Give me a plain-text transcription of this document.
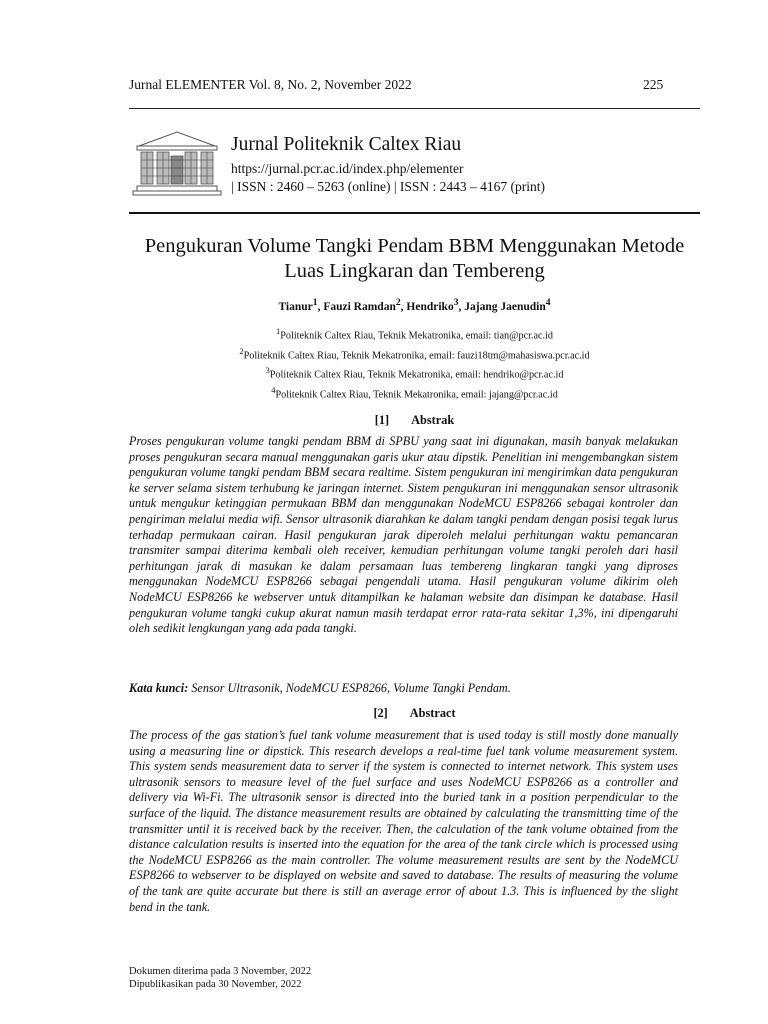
Jurnal ELEMENTER Vol. 8, No. 2, November 2022	225
Jurnal Politeknik Caltex Riau
https://jurnal.pcr.ac.id/index.php/elementer
| ISSN : 2460 – 5263 (online) | ISSN : 2443 – 4167 (print)
Pengukuran Volume Tangki Pendam BBM Menggunakan Metode Luas Lingkaran dan Tembereng
Tianur$^1$, Fauzi Ramdan$^2$, Hendriko$^3$, Jajang Jaenudin$^4$
$^1$Politeknik Caltex Riau, Teknik Mekatronika, email: tian@pcr.ac.id
$^2$Politeknik Caltex Riau, Teknik Mekatronika, email: fauzi18tm@mahasiswa.pcr.ac.id
$^3$Politeknik Caltex Riau, Teknik Mekatronika, email: hendriko@pcr.ac.id
$^4$Politeknik Caltex Riau, Teknik Mekatronika, email: jajang@pcr.ac.id
[1] Abstrak
Proses pengukuran volume tangki pendam BBM di SPBU yang saat ini digunakan, masih banyak melakukan proses pengukuran secara manual menggunakan garis ukur atau dipstik. Penelitian ini mengembangkan sistem pengukuran volume tangki pendam BBM secara realtime. Sistem pengukuran ini mengirimkan data pengukuran ke server selama sistem terhubung ke jaringan internet. Sistem pengukuran ini menggunakan sensor ultrasonik untuk mengukur ketinggian permukaan BBM dan menggunakan NodeMCU ESP8266 sebagai kontroler dan pengiriman melalui media wifi. Sensor ultrasonik diarahkan ke dalam tangki pendam dengan posisi tegak lurus terhadap permukaan cairan. Hasil pengukuran jarak diperoleh melalui perhitungan waktu pemancaran transmiter sampai diterima kembali oleh receiver, kemudian perhitungan volume tangki peroleh dari hasil perhitungan jarak di masukan ke dalam persamaan luas tembereng lingkaran tangki yang diproses menggunakan NodeMCU ESP8266 sebagai pengendali utama. Hasil pengukuran volume dikirim oleh NodeMCU ESP8266 ke webserver untuk ditampilkan ke halaman website dan disimpan ke database. Hasil pengukuran volume tangki cukup akurat namun masih terdapat error rata-rata sekitar 1,3%, ini dipengaruhi oleh sedikit lengkungan yang ada pada tangki.
Kata kunci: Sensor Ultrasonik, NodeMCU ESP8266, Volume Tangki Pendam.
[2] Abstract
The process of the gas station’s fuel tank volume measurement that is used today is still mostly done manually using a measuring line or dipstick. This research develops a real-time fuel tank volume measurement system. This system sends measurement data to server if the system is connected to internet network. This system uses ultrasonik sensors to measure level of the fuel surface and uses NodeMCU ESP8266 as a controller and delivery via Wi-Fi. The ultrasonik sensor is directed into the buried tank in a position perpendicular to the surface of the liquid. The distance measurement results are obtained by calculating the transmitting time of the transmitter until it is received back by the receiver. Then, the calculation of the tank volume obtained from the distance calculation results is inserted into the equation for the area of the tank circle which is processed using the NodeMCU ESP8266 as the main controller. The volume measurement results are sent by the NodeMCU ESP8266 to webserver to be displayed on website and saved to database. The results of measuring the volume of the tank are quite accurate but there is still an average error of about 1.3. This is influenced by the slight bend in the tank.
Dokumen diterima pada 3 November, 2022
Dipublikasikan pada 30 November, 2022
